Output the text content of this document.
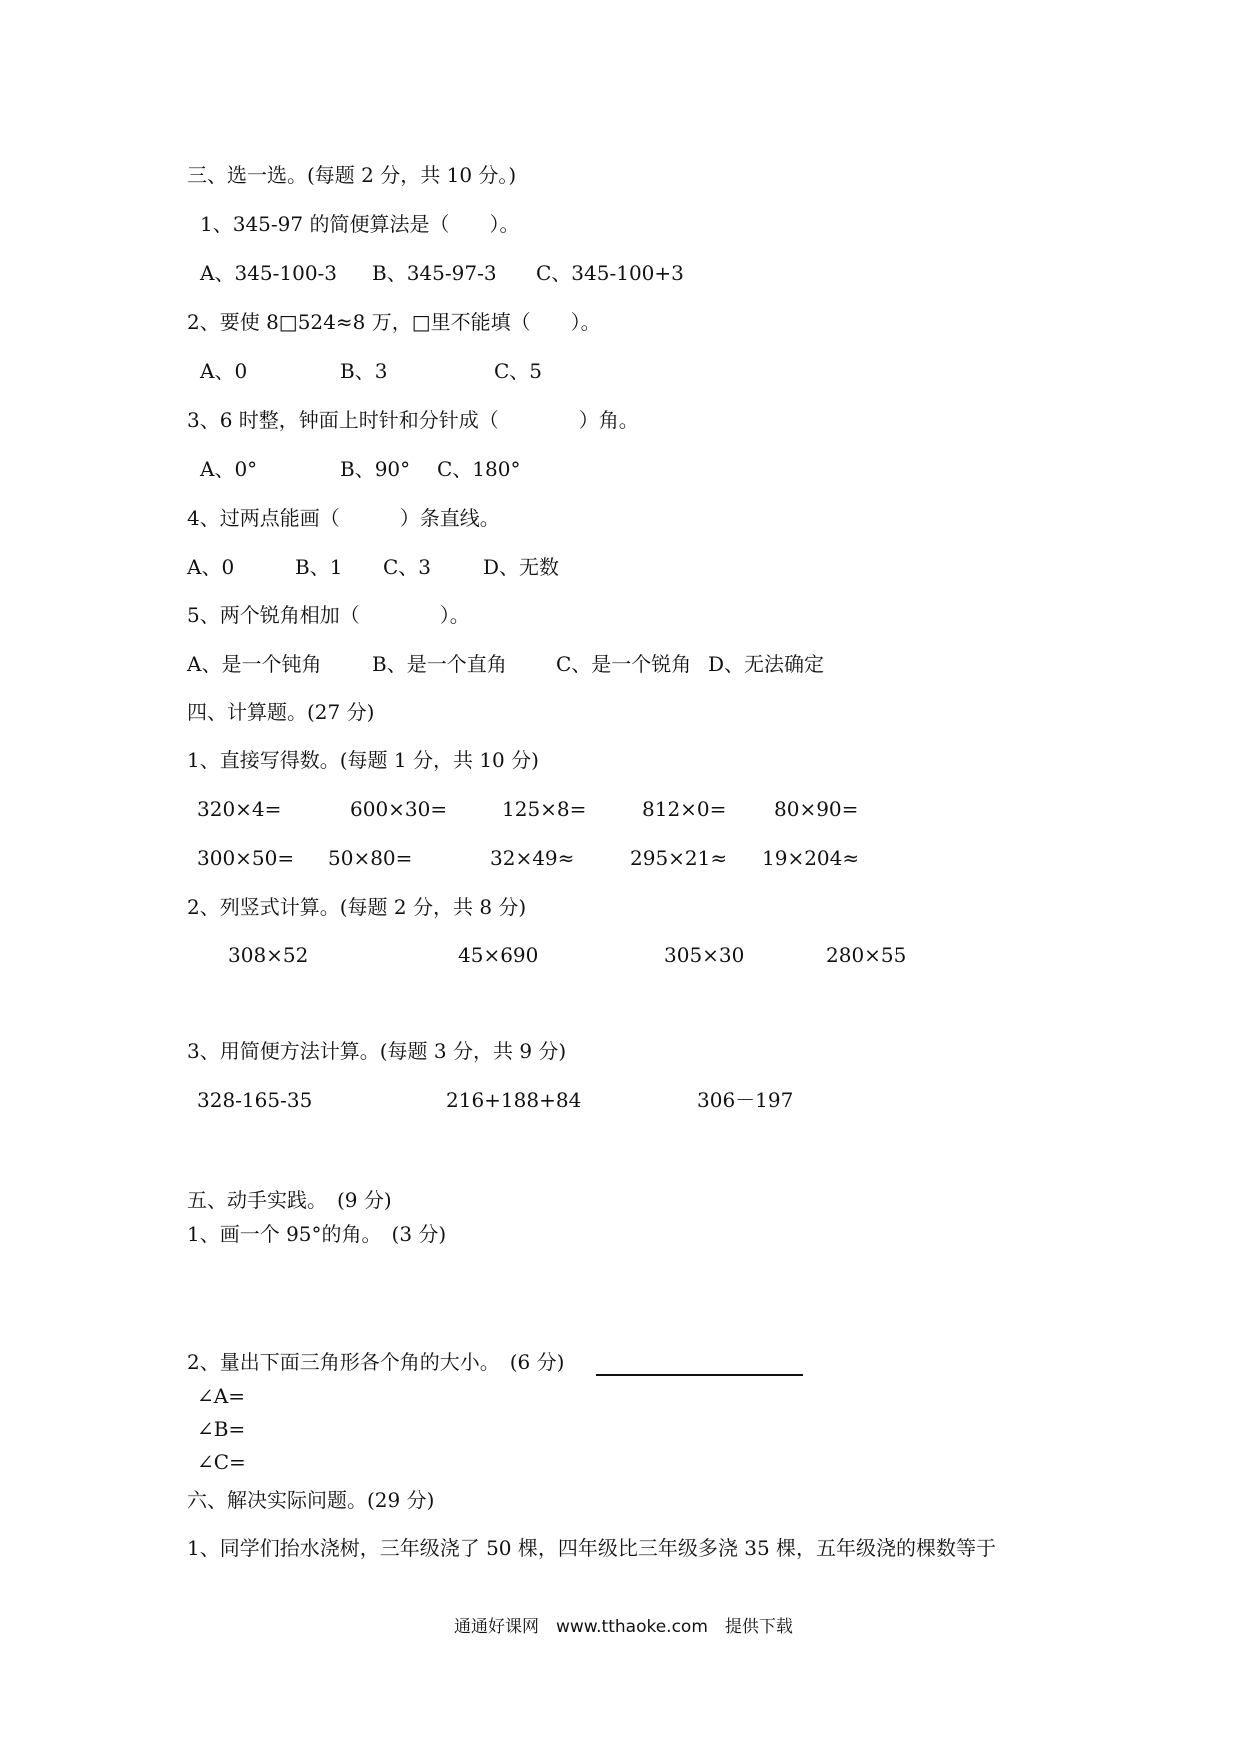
三、选一选。(每题 2 分，共 10 分。)
1、345-97 的简便算法是（　　）。
A、345-100-3 B、345-97-3 C、345-100+3
2、要使 8□524≈8 万，□里不能填（　　）。
A、0	B、3	C、5
3、6 时整，钟面上时针和分针成（　　　　）角。
A、0°	B、90° C、180°
4、过两点能画（　　　）条直线。
A、0	B、1 C、3	D、无数
5、两个锐角相加（　　　　）。
A、是一个钝角	B、是一个直角 C、是一个锐角 D、无法确定
四、计算题。(27 分)
1、直接写得数。(每题 1 分，共 10 分)
320×4=	600×30=	125×8=	812×0= 80×90=
300×50= 50×80=	32×49≈	295×21≈ 19×204≈
2、列竖式计算。(每题 2 分，共 8 分)
308×52	45×690	305×30	280×55
3、用简便方法计算。(每题 3 分，共 9 分)
328-165-35	216+188+84	306－197
五、动手实践。　(9 分)
1、画一个 95°的角。　(3 分)
2、量出下面三角形各个角的大小。　(6 分)
∠A=
∠B=
∠C=
六、解决实际问题。(29 分)
1、同学们抬水浇树，三年级浇了 50 棵，四年级比三年级多浇 35 棵，五年级浇的棵数等于
通通好课网　www.tthaoke.com　提供下载
